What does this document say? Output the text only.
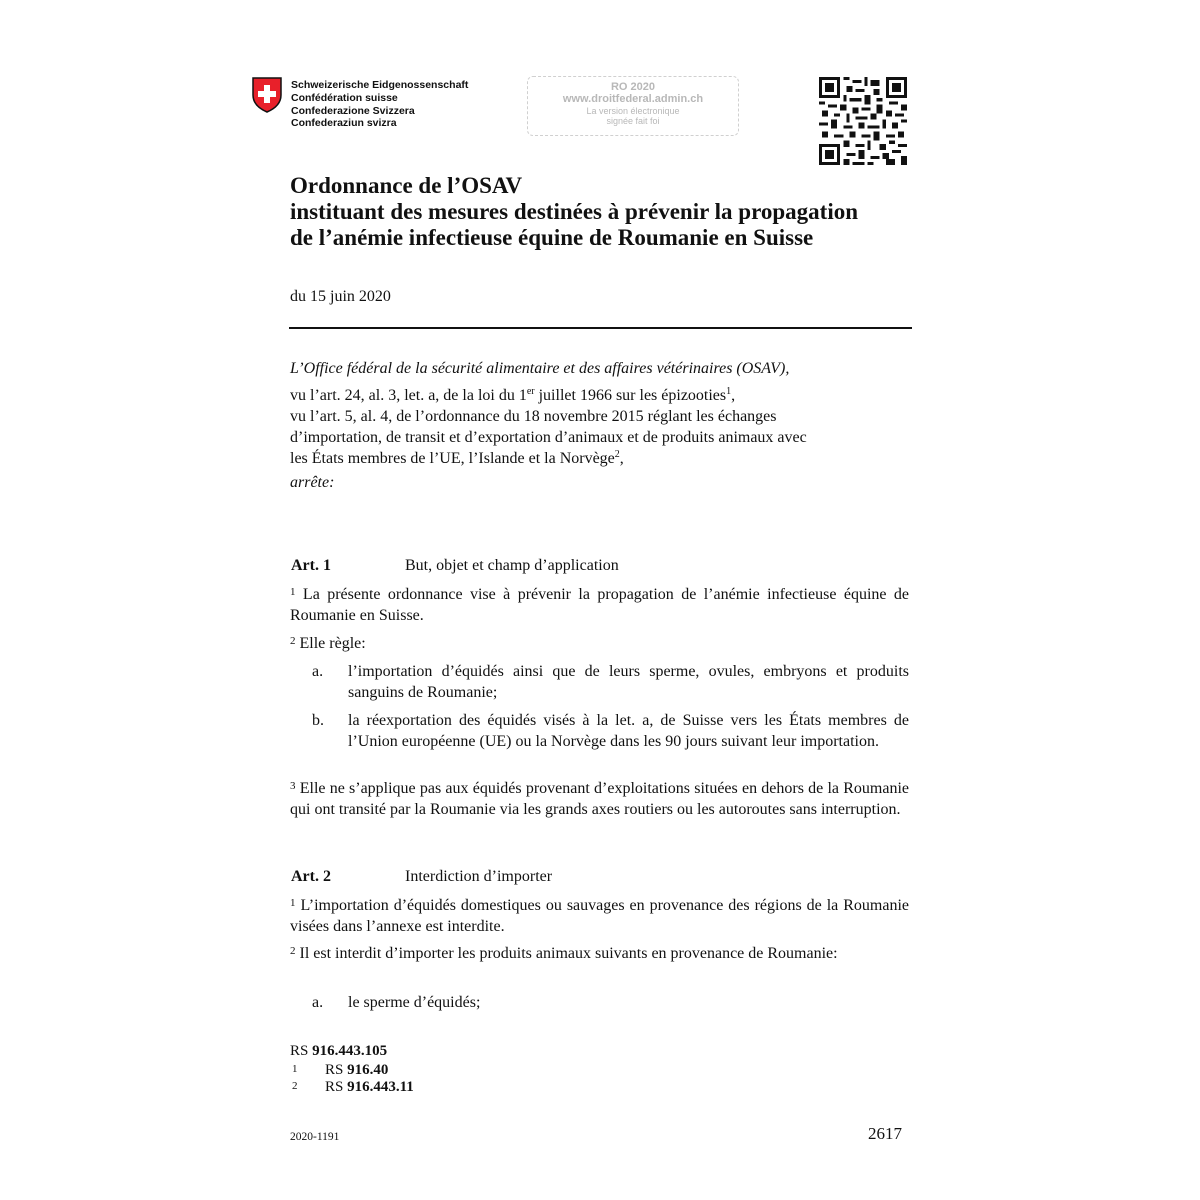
Schweizerische Eidgenossenschaft
Confédération suisse
Confederazione Svizzera
Confederaziun svizra
RO 2020
www.droitfederal.admin.ch
La version électronique
signée fait foi
Ordonnance de l’OSAV
instituant des mesures destinées à prévenir la propagation
de l’anémie infectieuse équine de Roumanie en Suisse
du 15 juin 2020
L’Office fédéral de la sécurité alimentaire et des affaires vétérinaires (OSAV),
vu l’art. 24, al. 3, let. a, de la loi du 1er juillet 1966 sur les épizooties$^1$,
vu l’art. 5, al. 4, de l’ordonnance du 18 novembre 2015 réglant les échanges
d’importation, de transit et d’exportation d’animaux et de produits animaux avec
les États membres de l’UE, l’Islande et la Norvège$^2$,
arrête:
Art. 1	But, objet et champ d’application
$^1$ La présente ordonnance vise à prévenir la propagation de l’anémie infectieuse équine de Roumanie en Suisse.
$^2$ Elle règle:
a. l’importation d’équidés ainsi que de leurs sperme, ovules, embryons et produits sanguins de Roumanie;
b. la réexportation des équidés visés à la let. a, de Suisse vers les États membres de l’Union européenne (UE) ou la Norvège dans les 90 jours suivant leur importation.
$^3$ Elle ne s’applique pas aux équidés provenant d’exploitations situées en dehors de la Roumanie qui ont transité par la Roumanie via les grands axes routiers ou les autoroutes sans interruption.
Art. 2	Interdiction d’importer
$^1$ L’importation d’équidés domestiques ou sauvages en provenance des régions de la Roumanie visées dans l’annexe est interdite.
$^2$ Il est interdit d’importer les produits animaux suivants en provenance de Roumanie:
a. le sperme d’équidés;
RS 916.443.105
1 RS 916.40
2 RS 916.443.11
2020-1191	2617
